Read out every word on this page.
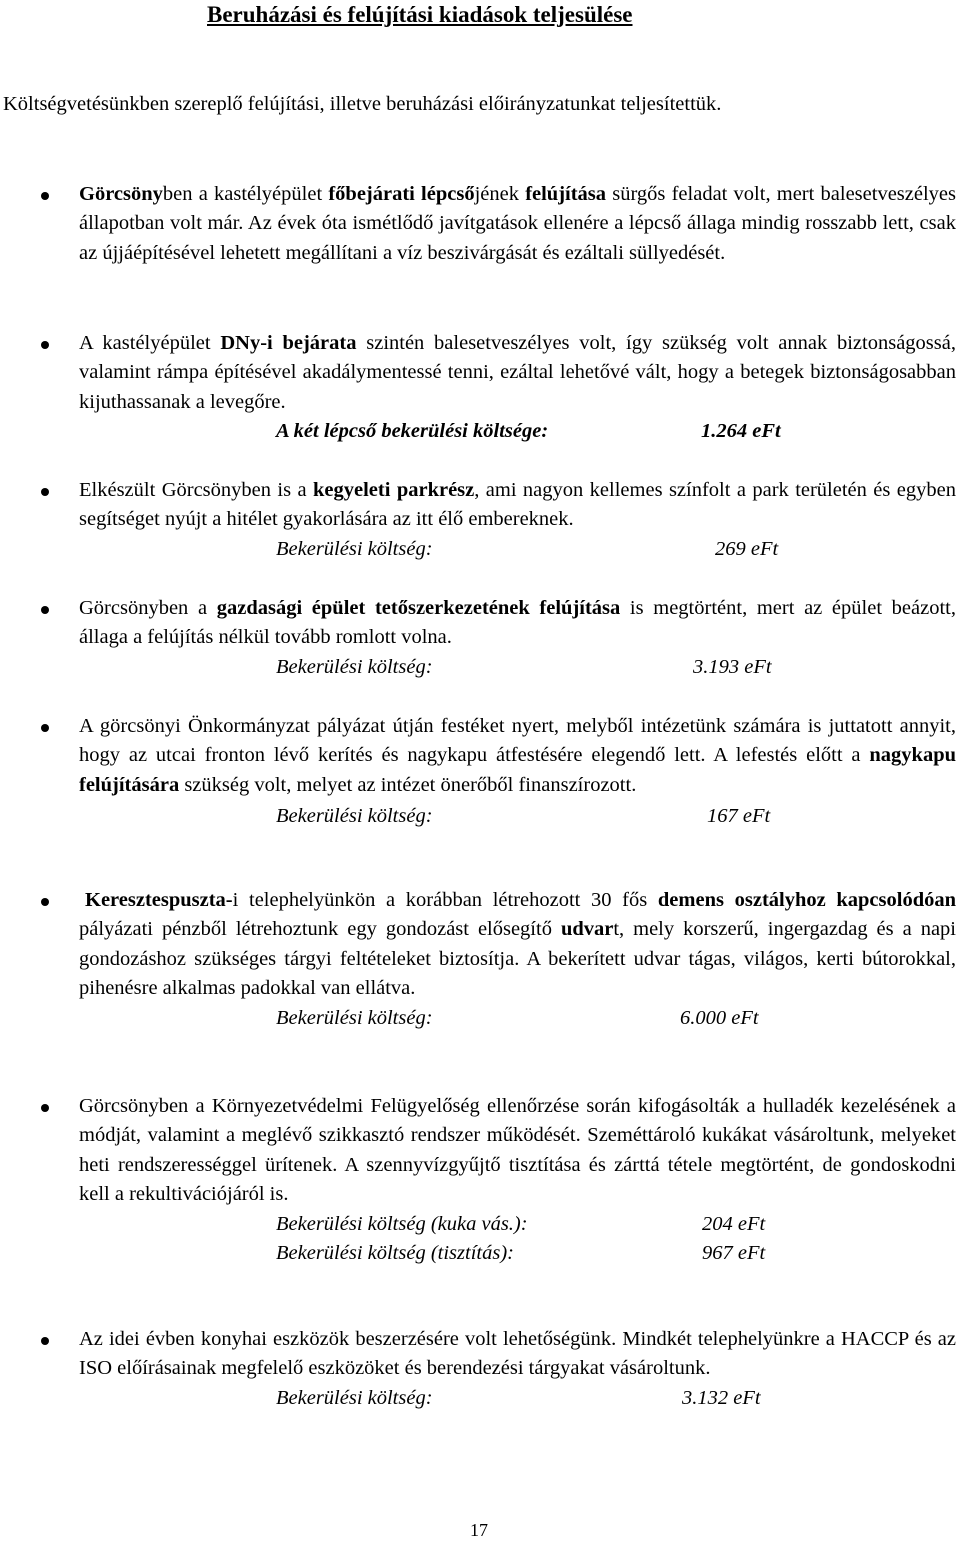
Beruházási és felújítási kiadások teljesülése
Költségvetésünkben szereplő felújítási, illetve beruházási előirányzatunkat teljesítettük.

Görcsönyben a kastélyépület főbejárati lépcsőjének felújítása sürgős feladat volt, mert balesetveszélyes állapotban volt már. Az évek óta ismétlődő javítgatások ellenére a lépcső állaga mindig rosszabb lett, csak az újjáépítésével lehetett megállítani a víz beszivárgását és ezáltali süllyedését.

A kastélyépület DNy-i bejárata szintén balesetveszélyes volt, így szükség volt annak biztonságossá, valamint rámpa építésével akadálymentessé tenni, ezáltal lehetővé vált, hogy a betegek biztonságosabban kijuthassanak a levegőre.

A két lépcső bekerülési költsége:	1.264 eFt

Elkészült Görcsönyben is a kegyeleti parkrész, ami nagyon kellemes színfolt a park területén és egyben segítséget nyújt a hitélet gyakorlására az itt élő embereknek.

Bekerülési költség:	269 eFt

Görcsönyben a gazdasági épület tetőszerkezetének felújítása is megtörtént, mert az épület beázott, állaga a felújítás nélkül tovább romlott volna.

Bekerülési költség:	3.193 eFt

A görcsönyi Önkormányzat pályázat útján festéket nyert, melyből intézetünk számára is juttatott annyit, hogy az utcai fronton lévő kerítés és nagykapu átfestésére elegendő lett. A lefestés előtt a nagykapu felújítására szükség volt, melyet az intézet önerőből finanszírozott.

Bekerülési költség:	167 eFt

Keresztespuszta-i telephelyünkön a korábban létrehozott 30 fős demens osztályhoz kapcsolódóan pályázati pénzből létrehoztunk egy gondozást elősegítő udvart, mely korszerű, ingergazdag és a napi gondozáshoz szükséges tárgyi feltételeket biztosítja. A bekerített udvar tágas, világos, kerti bútorokkal, pihenésre alkalmas padokkal van ellátva.

Bekerülési költség:	6.000 eFt

Görcsönyben a Környezetvédelmi Felügyelőség ellenőrzése során kifogásolták a hulladék kezelésének a módját, valamint a meglévő szikkasztó rendszer működését. Szeméttároló kukákat vásároltunk, melyeket heti rendszerességgel ürítenek. A szennyvízgyűjtő tisztítása és zárttá tétele megtörtént, de gondoskodni kell a rekultivációjáról is.

Bekerülési költség (kuka vás.):	204 eFt
Bekerülési költség (tisztítás):	967 eFt

Az idei évben konyhai eszközök beszerzésére volt lehetőségünk. Mindkét telephelyünkre a HACCP és az ISO előírásainak megfelelő eszközöket és berendezési tárgyakat vásároltunk.

Bekerülési költség:	3.132 eFt
17
